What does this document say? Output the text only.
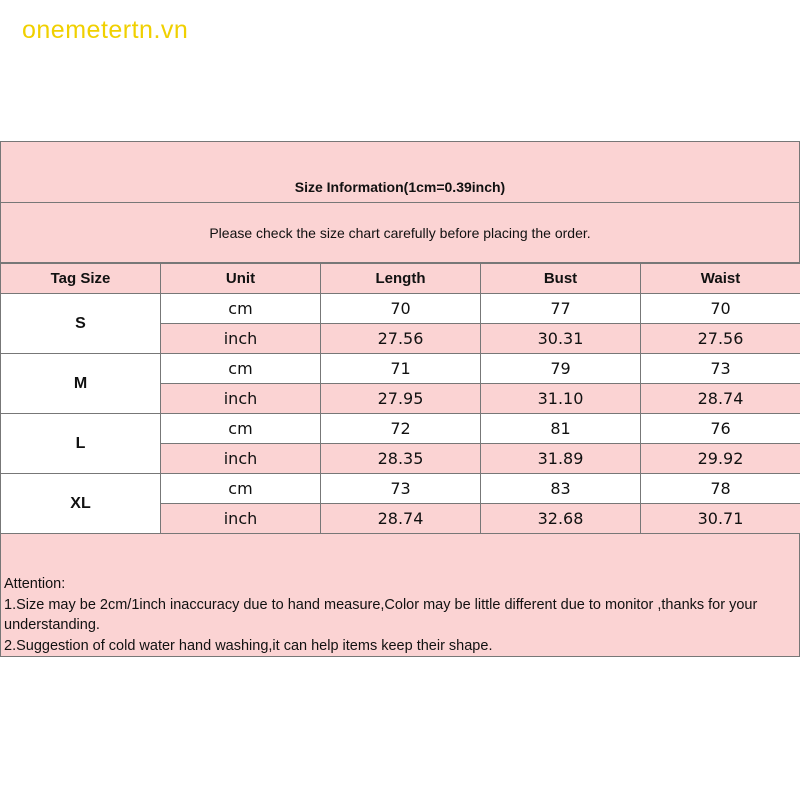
onemetertn.vn
Size Information(1cm=0.39inch)
Please check the size chart carefully before placing the order.
Tag Size	Unit	Length	Bust	Waist
S	cm	70	77	70
	inch	27.56	30.31	27.56
M	cm	71	79	73
	inch	27.95	31.10	28.74
L	cm	72	81	76
	inch	28.35	31.89	29.92
XL	cm	73	83	78
	inch	28.74	32.68	30.71
Attention:
1.Size may be 2cm/1inch inaccuracy due to hand measure,Color may be little different due to monitor ,thanks for your understanding.
2.Suggestion of cold water hand washing,it can help items keep their shape.
